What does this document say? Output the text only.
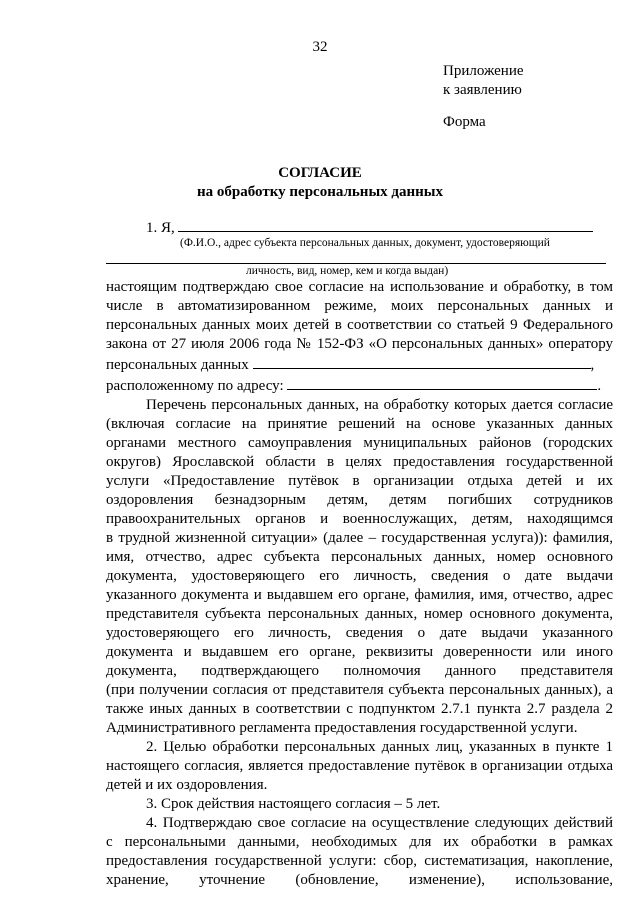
32
Приложение
к заявлению
Форма
СОГЛАСИЕ
на обработку персональных данных
1. Я,
(Ф.И.О., адрес субъекта персональных данных, документ, удостоверяющий
личность, вид, номер, кем и когда выдан)
настоящим подтверждаю свое согласие на использование и обработку, в том
числе в автоматизированном режиме, моих персональных данных и
персональных данных моих детей в соответствии со статьей 9 Федерального
закона от 27 июля 2006 года № 152-ФЗ «О персональных данных» оператору
персональных данных	,
расположенному по адресу:	.
Перечень персональных данных, на обработку которых дается согласие
(включая согласие на принятие решений на основе указанных данных
органами местного самоуправления муниципальных районов (городских
округов) Ярославской области в целях предоставления государственной
услуги «Предоставление путёвок в организации отдыха детей и их
оздоровления безнадзорным детям, детям погибших сотрудников
правоохранительных органов и военнослужащих, детям, находящимся
в трудной жизненной ситуации» (далее – государственная услуга)): фамилия,
имя, отчество, адрес субъекта персональных данных, номер основного
документа, удостоверяющего его личность, сведения о дате выдачи
указанного документа и выдавшем его органе, фамилия, имя, отчество, адрес
представителя субъекта персональных данных, номер основного документа,
удостоверяющего его личность, сведения о дате выдачи указанного
документа и выдавшем его органе, реквизиты доверенности или иного
документа, подтверждающего полномочия данного представителя
(при получении согласия от представителя субъекта персональных данных), а
также иных данных в соответствии с подпунктом 2.7.1 пункта 2.7 раздела 2
Административного регламента предоставления государственной услуги.
2. Целью обработки персональных данных лиц, указанных в пункте 1
настоящего согласия, является предоставление путёвок в организации отдыха
детей и их оздоровления.
3. Срок действия настоящего согласия – 5 лет.
4. Подтверждаю свое согласие на осуществление следующих действий
с персональными данными, необходимых для их обработки в рамках
предоставления государственной услуги: сбор, систематизация, накопление,
хранение, уточнение (обновление, изменение), использование,
